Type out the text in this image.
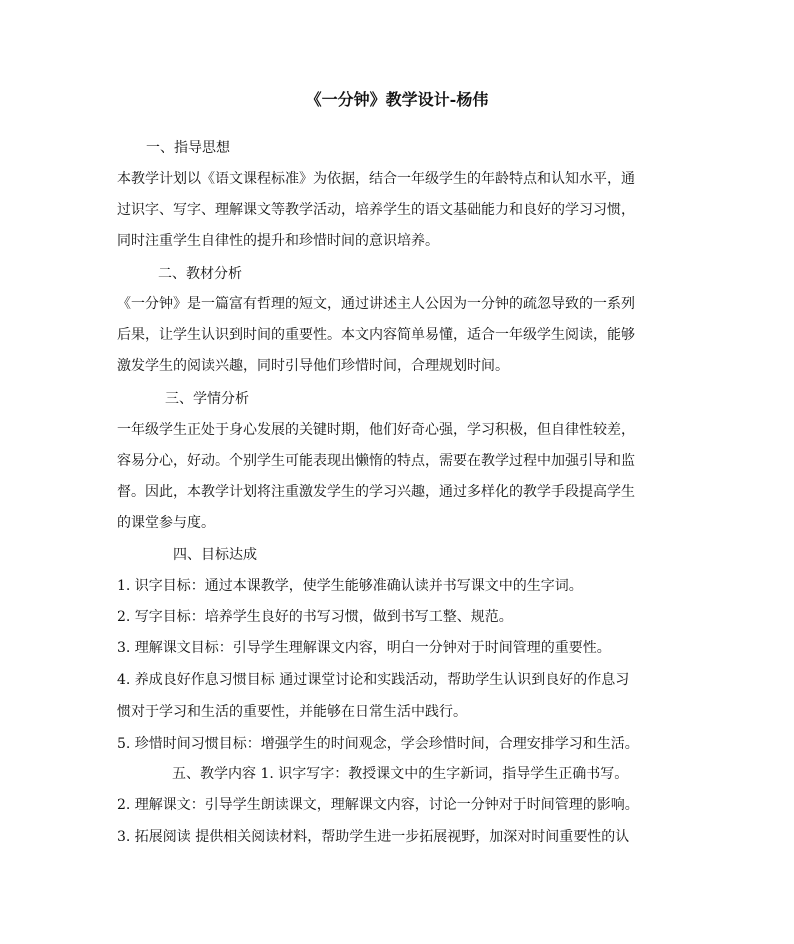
《一分钟》教学设计-杨伟
一、指导思想
本教学计划以《语文课程标准》为依据，结合一年级学生的年龄特点和认知水平，通
过识字、写字、理解课文等教学活动，培养学生的语文基础能力和良好的学习习惯，
同时注重学生自律性的提升和珍惜时间的意识培养。
二、教材分析
《一分钟》是一篇富有哲理的短文，通过讲述主人公因为一分钟的疏忽导致的一系列
后果，让学生认识到时间的重要性。本文内容简单易懂，适合一年级学生阅读，能够
激发学生的阅读兴趣，同时引导他们珍惜时间，合理规划时间。
三、学情分析
一年级学生正处于身心发展的关键时期，他们好奇心强，学习积极，但自律性较差，
容易分心，好动。个别学生可能表现出懒惰的特点，需要在教学过程中加强引导和监
督。因此，本教学计划将注重激发学生的学习兴趣，通过多样化的教学手段提高学生
的课堂参与度。
四、目标达成
1. 识字目标：通过本课教学，使学生能够准确认读并书写课文中的生字词。
2. 写字目标：培养学生良好的书写习惯，做到书写工整、规范。
3. 理解课文目标：引导学生理解课文内容，明白一分钟对于时间管理的重要性。
4. 养成良好作息习惯目标 通过课堂讨论和实践活动，帮助学生认识到良好的作息习
惯对于学习和生活的重要性，并能够在日常生活中践行。
5. 珍惜时间习惯目标：增强学生的时间观念，学会珍惜时间，合理安排学习和生活。
五、教学内容 1. 识字写字：教授课文中的生字新词，指导学生正确书写。
2. 理解课文：引导学生朗读课文，理解课文内容，讨论一分钟对于时间管理的影响。
3. 拓展阅读 提供相关阅读材料，帮助学生进一步拓展视野，加深对时间重要性的认
